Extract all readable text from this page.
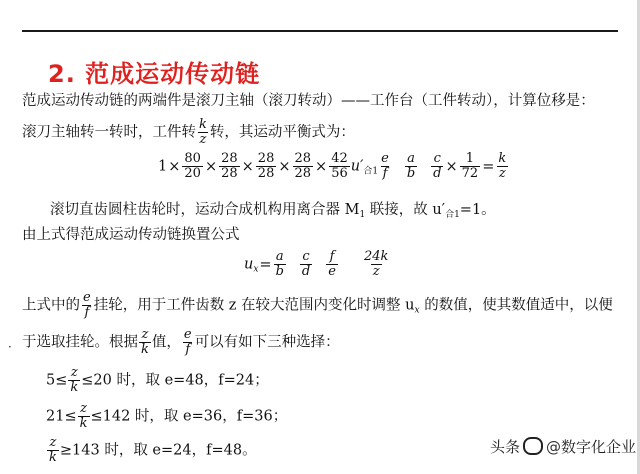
2. 范成运动传动链
范成运动传动链的两端件是滚刀主轴（滚刀转动）——工作台（工件转动），计算位移是：
滚刀主轴转一转时，工件转 $\frac{k}{z}$ 转，其运动平衡式为：
$1\times \frac{80}{20} \times \frac{28}{28} \times \frac{28}{28} \times \frac{28}{28} \times \frac{42}{56} u'_{合1} \frac{e}{f} \frac{a}{b} \frac{c}{d} \times \frac{1}{72} = \frac{k}{z}$
滚切直齿圆柱齿轮时，运动合成机构用离合器 $M_1$ 联接，故 $u'_{合1}=1$。
由上式得范成运动传动链换置公式
$u_x= \frac{a}{b} \frac{c}{d} \frac{f}{e} \frac{24k}{z}$
上式中的 $\frac{e}{f}$ 挂轮，用于工件齿数 z 在较大范围内变化时调整 $u_x$ 的数值，使其数值适中，以便
于选取挂轮。根据 $\frac{z}{k}$ 值， $\frac{e}{f}$ 可以有如下三种选择：
·
$5\le \frac{z}{k} \le 20$ 时，取 e=48，f=24；
$21\le \frac{z}{k} \le 142$ 时，取 e=36，f=36；
$\frac{z}{k} \ge 143$ 时，取 e=24，f=48。	头条 @数字化企业
